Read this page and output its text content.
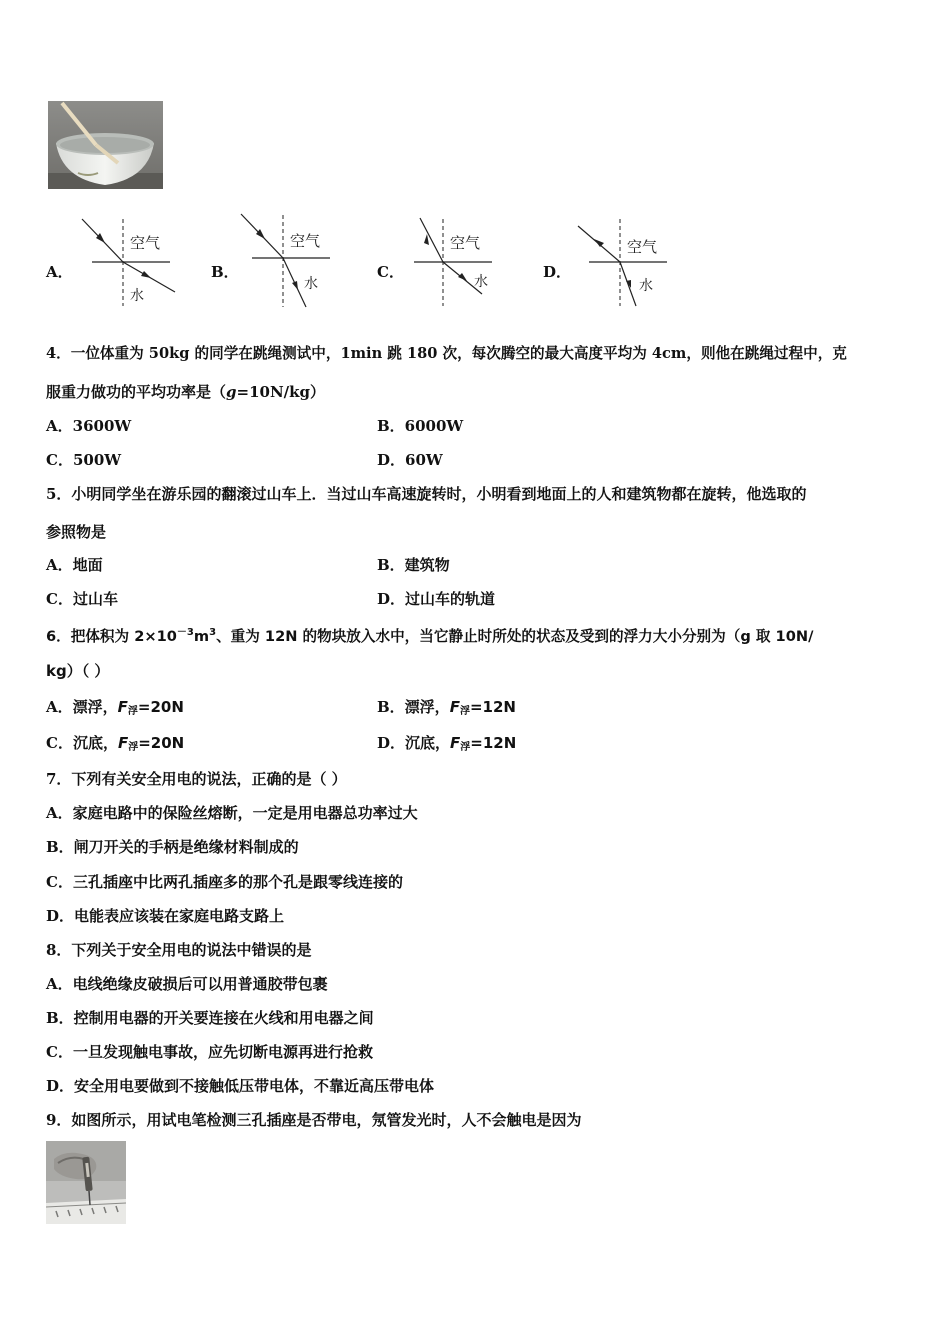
A．
空气
水
B．
空气
水
C．
空气
水
D．
空气
水
4．一位体重为 50kg 的同学在跳绳测试中，1min 跳 180 次，每次腾空的最大高度平均为 4cm，则他在跳绳过程中，克
服重力做功的平均功率是（g=10N/kg）
A．3600W	B．6000W
C．500W	D．60W
5．小明同学坐在游乐园的翻滚过山车上．当过山车高速旋转时，小明看到地面上的人和建筑物都在旋转，他选取的
参照物是
A．地面	B．建筑物
C．过山车	D．过山车的轨道
6．把体积为 $2\times 10^{-3}m^3$、重为 12N 的物块放入水中，当它静止时所处的状态及受到的浮力大小分别为（g 取 10N/
kg）（ ）
A．漂浮，$F_浮=20N$	B．漂浮，$F_浮=12N$
C．沉底，$F_浮=20N$	D．沉底，$F_浮=12N$
7．下列有关安全用电的说法，正确的是（ ）
A．家庭电路中的保险丝熔断，一定是用电器总功率过大
B．闸刀开关的手柄是绝缘材料制成的
C．三孔插座中比两孔插座多的那个孔是跟零线连接的
D．电能表应该装在家庭电路支路上
8．下列关于安全用电的说法中错误的是
A．电线绝缘皮破损后可以用普通胶带包裹
B．控制用电器的开关要连接在火线和用电器之间
C．一旦发现触电事故，应先切断电源再进行抢救
D．安全用电要做到不接触低压带电体，不靠近高压带电体
9．如图所示，用试电笔检测三孔插座是否带电，氖管发光时，人不会触电是因为
